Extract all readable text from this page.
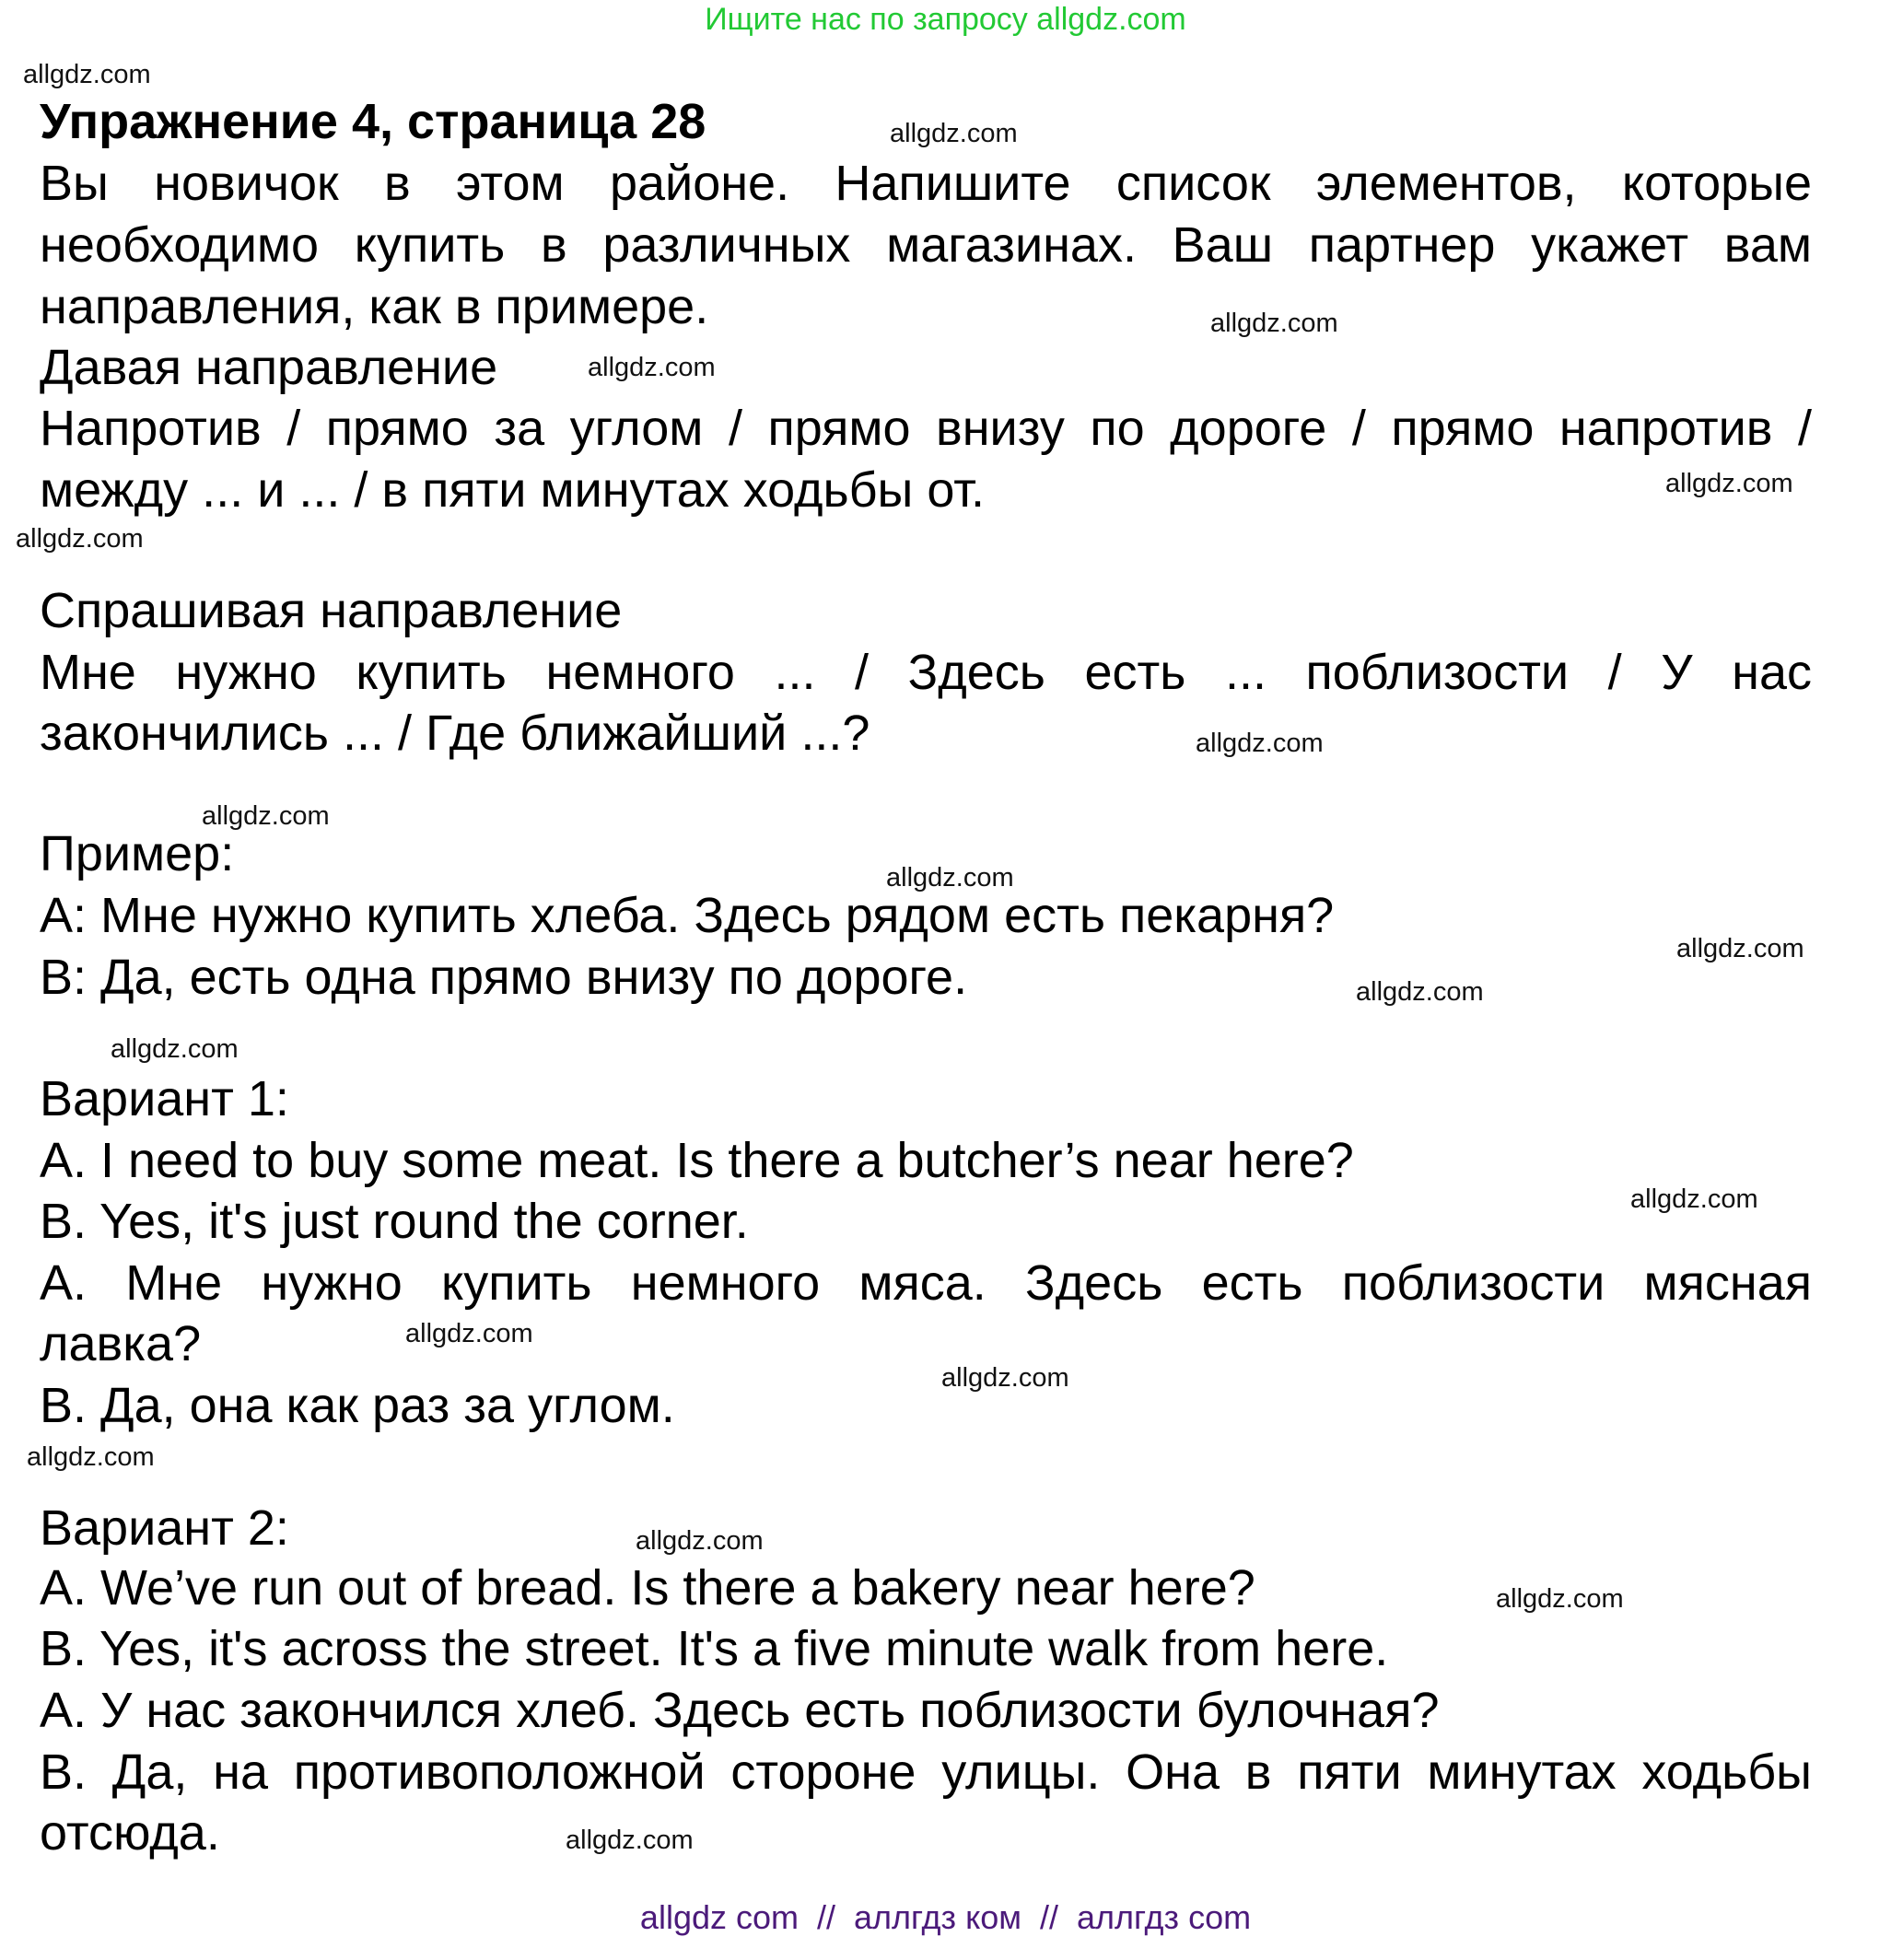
Ищите нас по запросу allgdz.com
allgdz.com
allgdz.com
allgdz.com
allgdz.com
allgdz.com
allgdz.com
allgdz.com
allgdz.com
allgdz.com
allgdz.com
allgdz.com
allgdz.com
allgdz.com
allgdz.com
allgdz.com
allgdz.com
allgdz.com
allgdz.com
allgdz.com
Упражнение 4, страница 28
Вы новичок в этом районе. Напишите список элементов, которые
необходимо купить в различных магазинах. Ваш партнер укажет вам
направления, как в примере.
Давая направление
Напротив / прямо за углом / прямо внизу по дороге / прямо напротив /
между ... и ... / в пяти минутах ходьбы от.
Спрашивая направление
Мне нужно купить немного ... / Здесь есть ... поблизости / У нас
закончились ... / Где ближайший ...?
Пример:
А: Мне нужно купить хлеба. Здесь рядом есть пекарня?
В: Да, есть одна прямо внизу по дороге.
Вариант 1:
A. I need to buy some meat. Is there a butcher’s near here?
B. Yes, it's just round the corner.
А. Мне нужно купить немного мяса. Здесь есть поблизости мясная
лавка?
В. Да, она как раз за углом.
Вариант 2:
A. We’ve run out of bread. Is there a bakery near here?
B. Yes, it's across the street. It's a five minute walk from here.
А. У нас закончился хлеб. Здесь есть поблизости булочная?
В. Да, на противоположной стороне улицы. Она в пяти минутах ходьбы
отсюда.
allgdz com  //  аллгдз ком  //  аллгдз com
